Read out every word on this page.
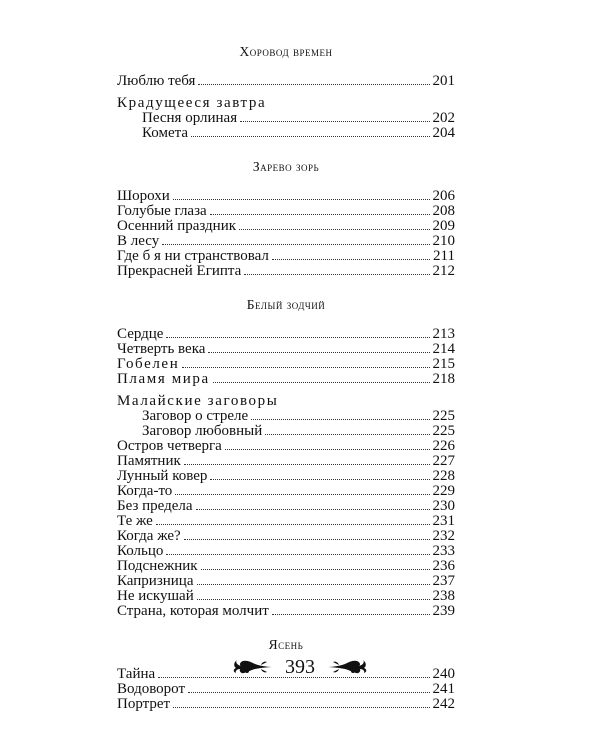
Хоровод времен
Люблю тебя	201
Крадущееся завтра
Песня орлиная	202
Комета	204
Зарево зорь
Шорохи	206
Голубые глаза	208
Осенний праздник	209
В лесу	210
Где б я ни странствовал	211
Прекрасней Египта	212
Белый зодчий
Сердце	213
Четверть века	214
Гобелен	215
Пламя мира	218
Малайские заговоры
Заговор о стреле	225
Заговор любовный	225
Остров четверга	226
Памятник	227
Лунный ковер	228
Когда-то	229
Без предела	230
Те же	231
Когда же?	232
Кольцо	233
Подснежник	236
Капризница	237
Не искушай	238
Страна, которая молчит	239
Ясень
Тайна	240
Водоворот	241
Портрет	242
393
